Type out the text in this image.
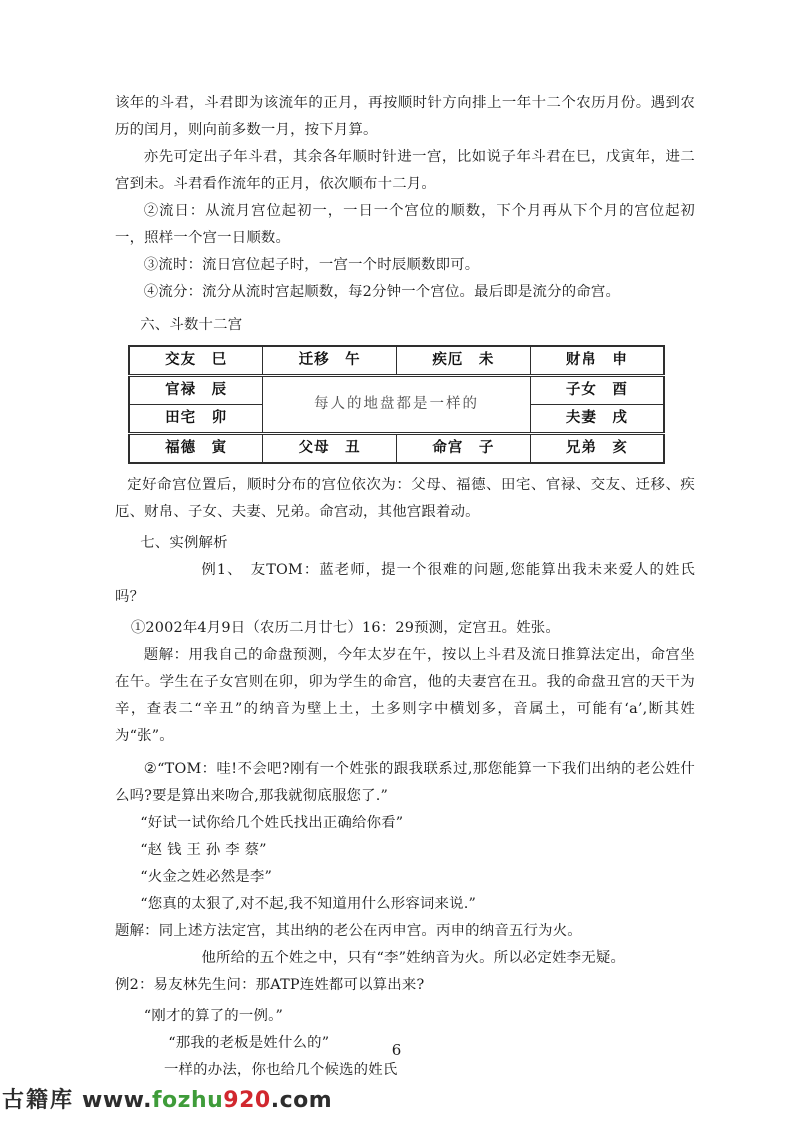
该年的斗君，斗君即为该流年的正月，再按顺时针方向排上一年十二个农历月份。遇到农历的闰月，则向前多数一月，按下月算。

亦先可定出子年斗君，其余各年顺时针进一宫，比如说子年斗君在巳，戊寅年，进二宫到未。斗君看作流年的正月，依次顺布十二月。

②流日：从流月宫位起初一，一日一个宫位的顺数，下个月再从下个月的宫位起初一，照样一个宫一日顺数。

③流时：流日宫位起子时，一宫一个时辰顺数即可。

④流分：流分从流时宫起顺数，每2分钟一个宫位。最后即是流分的命宫。

六、斗数十二宫

交友　巳	迁移　午	疾厄　未	财帛　申
官禄　辰	每人的地盘都是一样的		子女　酉
田宅　卯			夫妻　戌
福德　寅	父母　丑	命宫　子	兄弟　亥

定好命宫位置后，顺时分布的宫位依次为：父母、福德、田宅、官禄、交友、迁移、疾厄、财帛、子女、夫妻、兄弟。命宫动，其他宫跟着动。

七、实例解析

例1、　友TOM：蓝老师，提一个很难的问题,您能算出我未来爱人的姓氏吗？

①2002年4月9日（农历二月廿七）16：29预测，定宫丑。姓张。

题解：用我自己的命盘预测，今年太岁在午，按以上斗君及流日推算法定出，命宫坐在午。学生在子女宫则在卯，卯为学生的命宫，他的夫妻宫在丑。我的命盘丑宫的天干为辛，查表二“辛丑”的纳音为壁上土，土多则字中横划多，音属土，可能有‘a’,断其姓为“张”。

②“TOM：哇!不会吧?刚有一个姓张的跟我联系过,那您能算一下我们出纳的老公姓什么吗?要是算出来吻合,那我就彻底服您了.”

“好试一试你给几个姓氏找出正确给你看”

“赵 钱 王 孙 李 蔡”

“火金之姓必然是李”

“您真的太狠了,对不起,我不知道用什么形容词来说.”

题解：同上述方法定宫，其出纳的老公在丙申宫。丙申的纳音五行为火。

他所给的五个姓之中，只有“李”姓纳音为火。所以必定姓李无疑。

例2：易友林先生问：那ATP连姓都可以算出来?

“刚才的算了的一例。”

“那我的老板是姓什么的”

一样的办法，你也给几个候选的姓氏

6
古籍库 www.fozhu920.com
